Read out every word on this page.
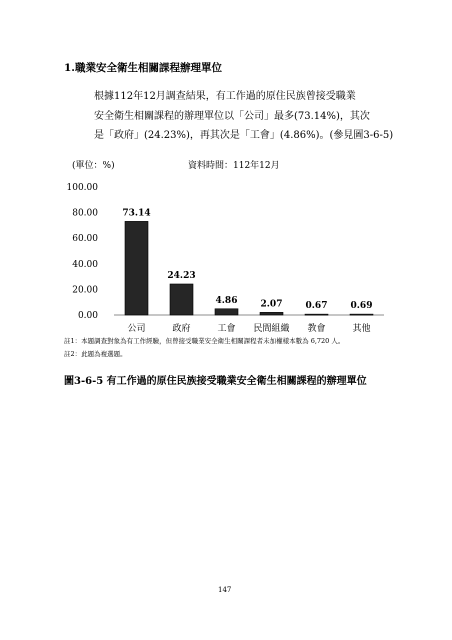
1.職業安全衛生相關課程辦理單位
根據112年12月調查結果，有工作過的原住民族曾接受職業
安全衛生相關課程的辦理單位以「公司」最多(73.14%)，其次
是「政府」(24.23%)，再其次是「工會」(4.86%)。(參見圖3-6-5)
(單位：%)	資料時間：112年12月
0.00
20.00
40.00
60.00
80.00
100.00
73.14
24.23
4.86	2.07	0.67	0.69
公司	政府	工會 民間組織 教會	其他
註1：本題調查對象為有工作經驗，但曾接受職業安全衛生相關課程者未加權樣本數為 6,720 人。
註2：此題為複選題。
圖3-6-5 有工作過的原住民族接受職業安全衛生相關課程的辦理單位
147
